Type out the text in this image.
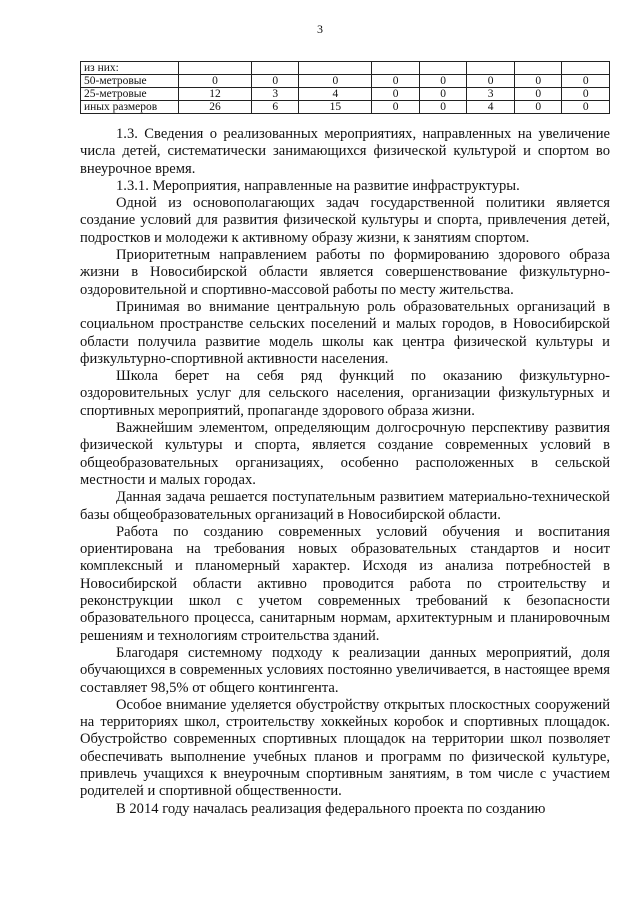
3
из них:								
50-метровые	0	0	0	0	0	0	0	0
25-метровые	12	3	4	0	0	3	0	0
иных размеров	26	6	15	0	0	4	0	0

1.3. Сведения о реализованных мероприятиях, направленных на увеличение числа детей, систематически занимающихся физической культурой и спортом во внеурочное время.

1.3.1. Мероприятия, направленные на развитие инфраструктуры.

Одной из основополагающих задач государственной политики является создание условий для развития физической культуры и спорта, привлечения детей, подростков и молодежи к активному образу жизни, к занятиям спортом.

Приоритетным направлением работы по формированию здорового образа жизни в Новосибирской области является совершенствование физкультурно-оздоровительной и спортивно-массовой работы по месту жительства.

Принимая во внимание центральную роль образовательных организаций в социальном пространстве сельских поселений и малых городов, в Новосибирской области получила развитие модель школы как центра физической культуры и физкультурно-спортивной активности населения.

Школа берет на себя ряд функций по оказанию физкультурно-оздоровительных услуг для сельского населения, организации физкультурных и спортивных мероприятий, пропаганде здорового образа жизни.

Важнейшим элементом, определяющим долгосрочную перспективу развития физической культуры и спорта, является создание современных условий в общеобразовательных организациях, особенно расположенных в сельской местности и малых городах.

Данная задача решается поступательным развитием материально-технической базы общеобразовательных организаций в Новосибирской области.

Работа по созданию современных условий обучения и воспитания ориентирована на требования новых образовательных стандартов и носит комплексный и планомерный характер. Исходя из анализа потребностей в Новосибирской области активно проводится работа по строительству и реконструкции школ с учетом современных требований к безопасности образовательного процесса, санитарным нормам, архитектурным и планировочным решениям и технологиям строительства зданий.

Благодаря системному подходу к реализации данных мероприятий, доля обучающихся в современных условиях постоянно увеличивается, в настоящее время составляет 98,5% от общего контингента.

Особое внимание уделяется обустройству открытых плоскостных сооружений на территориях школ, строительству хоккейных коробок и спортивных площадок. Обустройство современных спортивных площадок на территории школ позволяет обеспечивать выполнение учебных планов и программ по физической культуре, привлечь учащихся к внеурочным спортивным занятиям, в том числе с участием родителей и спортивной общественности.

В 2014 году началась реализация федерального проекта по созданию
